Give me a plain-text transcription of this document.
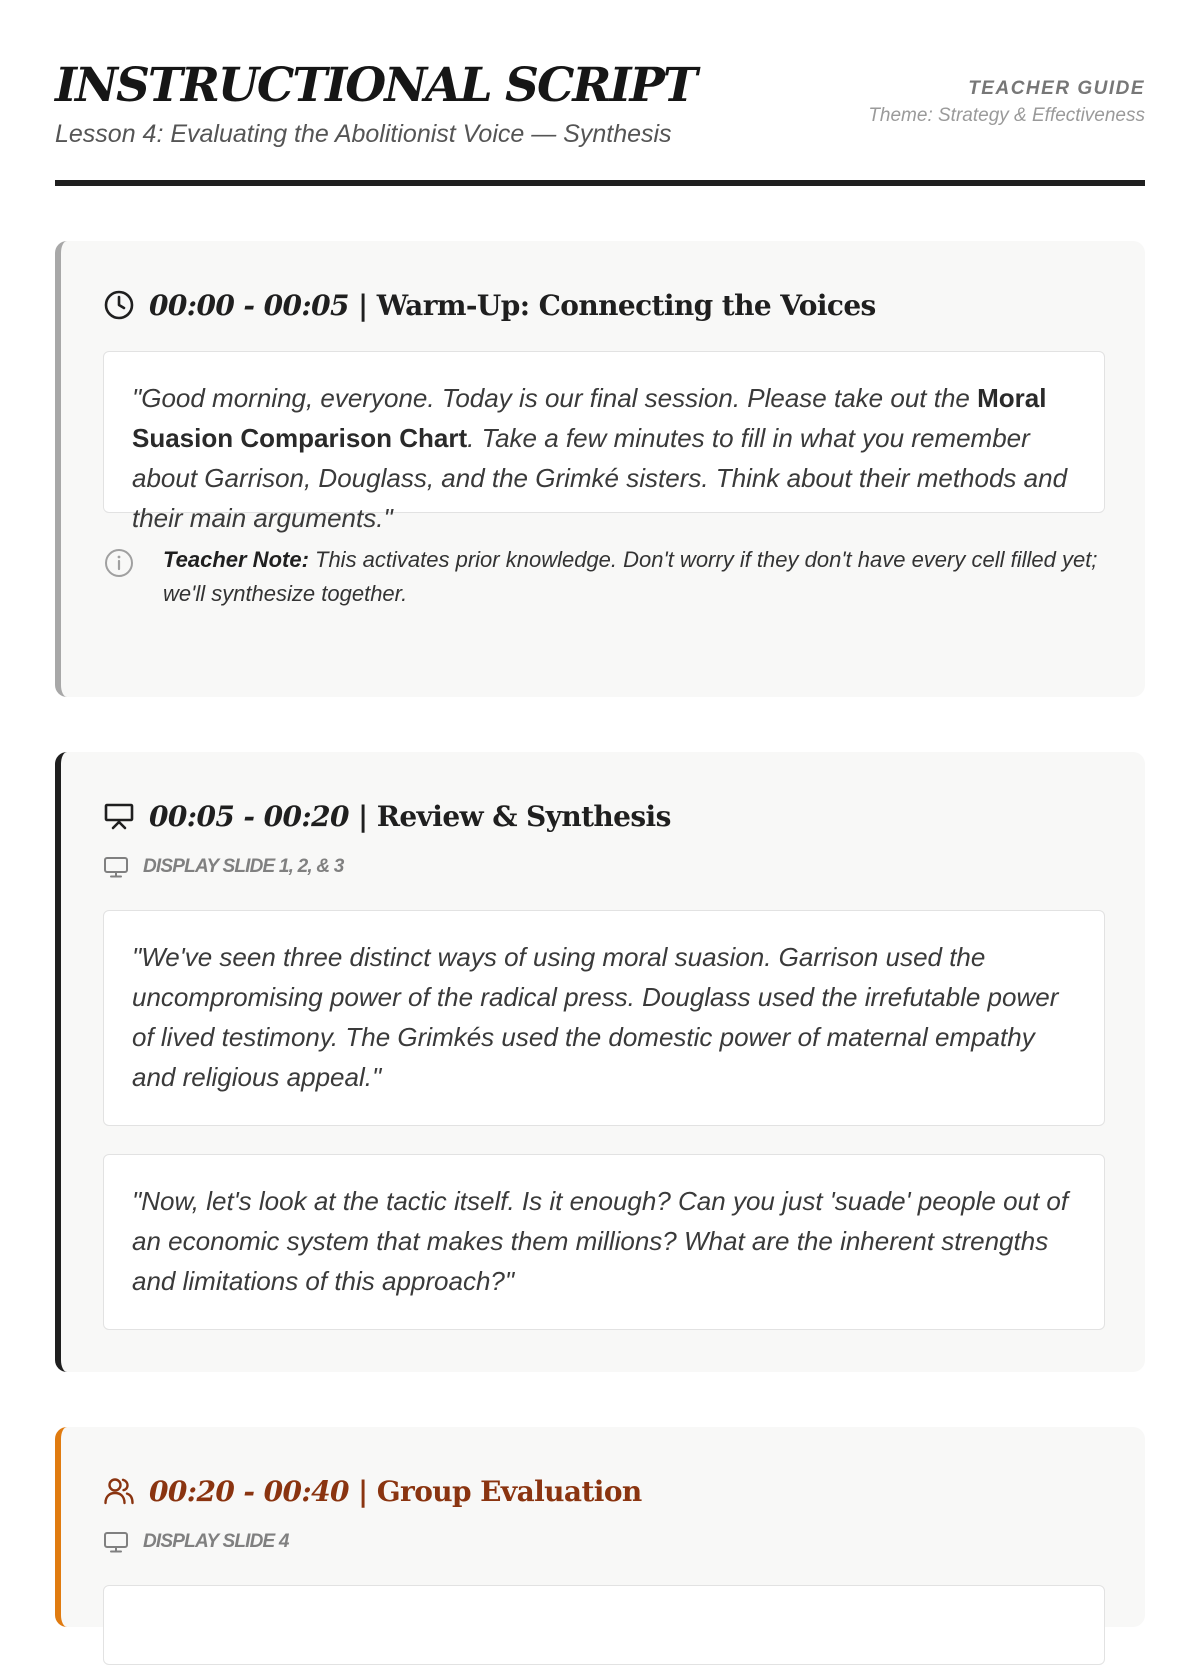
INSTRUCTIONAL SCRIPT
Lesson 4: Evaluating the Abolitionist Voice — Synthesis
TEACHER GUIDE
Theme: Strategy & Effectiveness
00:00 - 00:05 | Warm-Up: Connecting the Voices
"Good morning, everyone. Today is our final session. Please take out the Moral Suasion Comparison Chart. Take a few minutes to fill in what you remember about Garrison, Douglass, and the Grimké sisters. Think about their methods and their main arguments."
Teacher Note: This activates prior knowledge. Don't worry if they don't have every cell filled yet; we'll synthesize together.
00:05 - 00:20 | Review & Synthesis
DISPLAY SLIDE 1, 2, & 3
"We've seen three distinct ways of using moral suasion. Garrison used the uncompromising power of the radical press. Douglass used the irrefutable power of lived testimony. The Grimkés used the domestic power of maternal empathy and religious appeal."
"Now, let's look at the tactic itself. Is it enough? Can you just 'suade' people out of an economic system that makes them millions? What are the inherent strengths and limitations of this approach?"
00:20 - 00:40 | Group Evaluation
DISPLAY SLIDE 4
